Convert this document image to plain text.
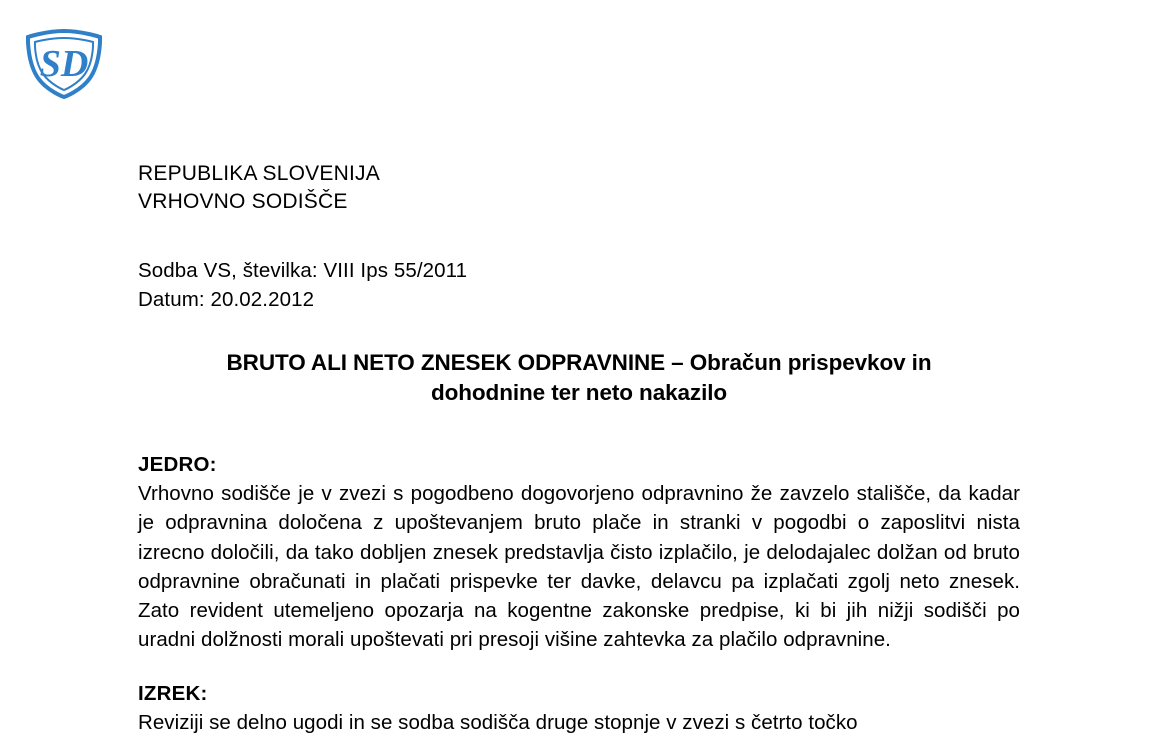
SD
REPUBLIKA SLOVENIJA
VRHOVNO SODIŠČE
Sodba VS, številka: VIII Ips 55/2011
Datum: 20.02.2012
BRUTO ALI NETO ZNESEK ODPRAVNINE – Obračun prispevkov in
dohodnine ter neto nakazilo
JEDRO:
Vrhovno sodišče je v zvezi s pogodbeno dogovorjeno odpravnino že zavzelo stališče, da kadar je odpravnina določena z upoštevanjem bruto plače in stranki v pogodbi o zaposlitvi nista izrecno določili, da tako dobljen znesek predstavlja čisto izplačilo, je delodajalec dolžan od bruto odpravnine obračunati in plačati prispevke ter davke, delavcu pa izplačati zgolj neto znesek. Zato revident utemeljeno opozarja na kogentne zakonske predpise, ki bi jih nižji sodišči po uradni dolžnosti morali upoštevati pri presoji višine zahtevka za plačilo odpravnine.
IZREK:
Reviziji se delno ugodi in se sodba sodišča druge stopnje v zvezi s četrto točko
